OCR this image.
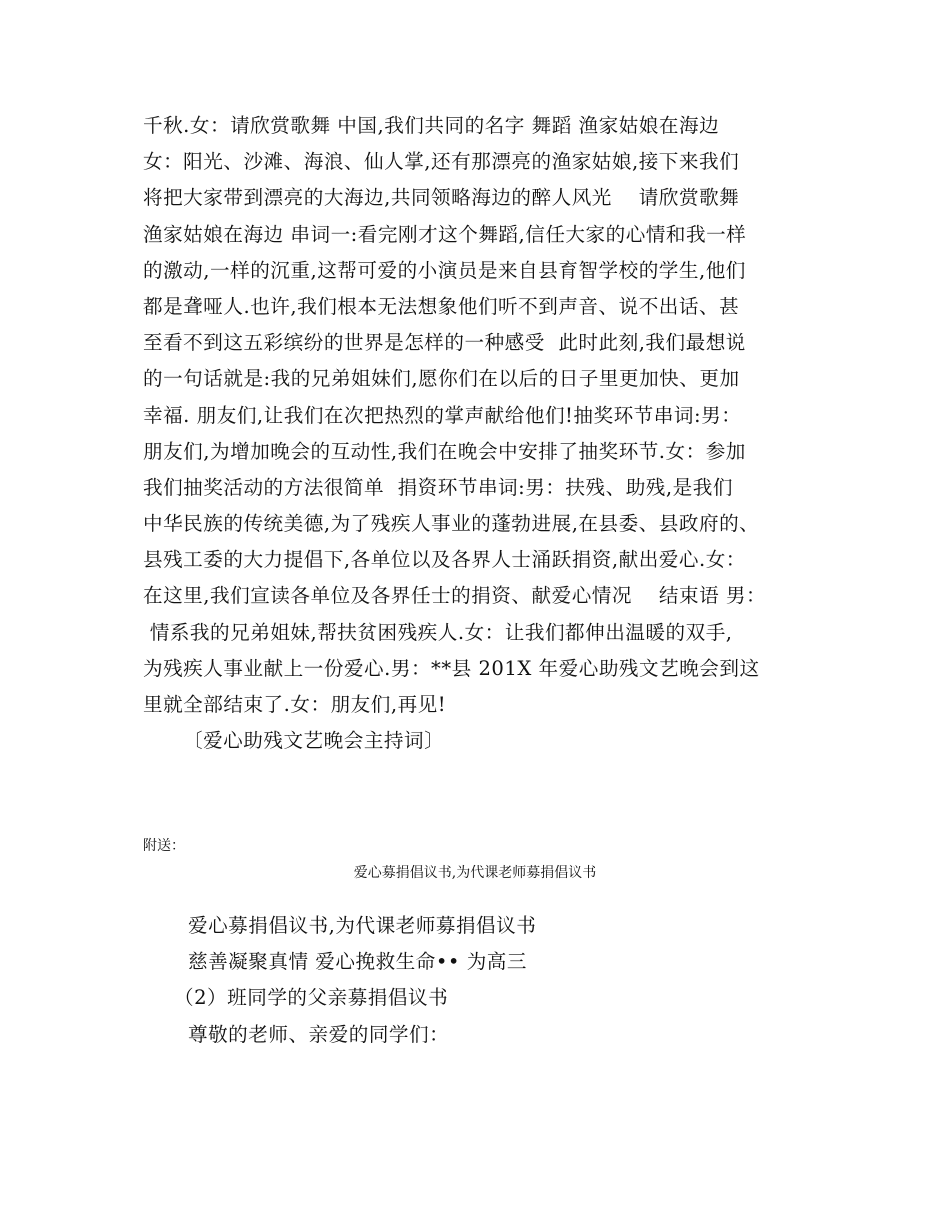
千秋.女：请欣赏歌舞 中国,我们共同的名字 舞蹈 渔家姑娘在海边
女：阳光、沙滩、海浪、仙人掌,还有那漂亮的渔家姑娘,接下来我们
将把大家带到漂亮的大海边,共同领略海边的醉人风光    请欣赏歌舞
渔家姑娘在海边 串词一:看完刚才这个舞蹈,信任大家的心情和我一样
的激动,一样的沉重,这帮可爱的小演员是来自县育智学校的学生,他们
都是聋哑人.也许,我们根本无法想象他们听不到声音、说不出话、甚
至看不到这五彩缤纷的世界是怎样的一种感受  此时此刻,我们最想说
的一句话就是:我的兄弟姐妹们,愿你们在以后的日子里更加快、更加
幸福. 朋友们,让我们在次把热烈的掌声献给他们!抽奖环节串词:男：
朋友们,为增加晚会的互动性,我们在晚会中安排了抽奖环节.女：参加
我们抽奖活动的方法很简单  捐资环节串词:男：扶残、助残,是我们
中华民族的传统美德,为了残疾人事业的蓬勃进展,在县委、县政府的、
县残工委的大力提倡下,各单位以及各界人士涌跃捐资,献出爱心.女：
在这里,我们宣读各单位及各界任士的捐资、献爱心情况    结束语 男：
情系我的兄弟姐妹,帮扶贫困残疾人.女：让我们都伸出温暖的双手,
为残疾人事业献上一份爱心.男：**县 201X 年爱心助残文艺晚会到这
里就全部结束了.女：朋友们,再见!
〔爱心助残文艺晚会主持词〕
附送：
爱心募捐倡议书,为代课老师募捐倡议书
爱心募捐倡议书,为代课老师募捐倡议书
慈善凝聚真情 爱心挽救生命•• 为高三
（2）班同学的父亲募捐倡议书
尊敬的老师、亲爱的同学们：
